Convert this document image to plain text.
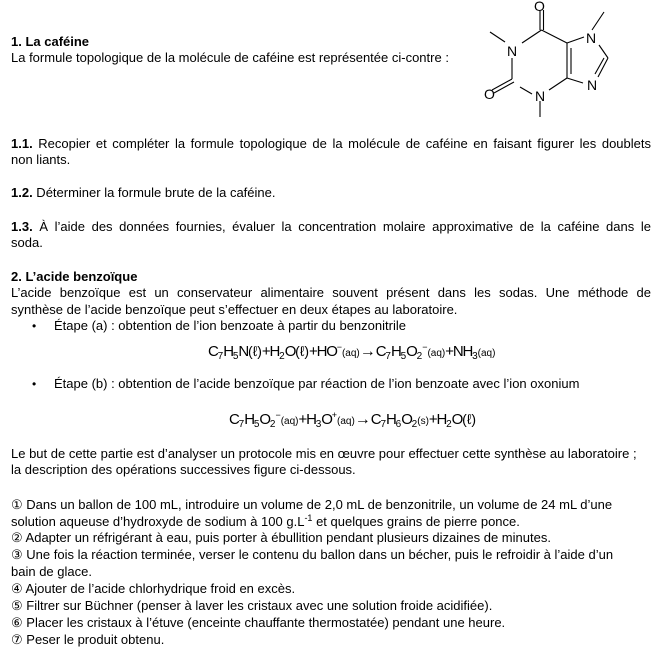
1. La caféine
La formule topologique de la molécule de caféine est représentée ci-contre :
O
N
O	N
N
N
1.1. Recopier et compléter la formule topologique de la molécule de caféine en faisant figurer les doublets
non liants.
1.2. Déterminer la formule brute de la caféine.
1.3. À l’aide des données fournies, évaluer la concentration molaire approximative de la caféine dans le
soda.
2. L’acide benzoïque
L’acide benzoïque est un conservateur alimentaire souvent présent dans les sodas. Une méthode de
synthèse de l’acide benzoïque peut s’effectuer en deux étapes au laboratoire.
• Étape (a) : obtention de l’ion benzoate à partir du benzonitrile
$C_7H_5N(\ell)+H_2O(\ell)+HO^-(aq)\to C_7H_5O_2^-(aq)+NH_3(aq)$
• Étape (b) : obtention de l’acide benzoïque par réaction de l’ion benzoate avec l’ion oxonium
$C_7H_5O_2^-(aq)+H_3O^+(aq)\to C_7H_6O_2(s)+H_2O(\ell)$
Le but de cette partie est d’analyser un protocole mis en œuvre pour effectuer cette synthèse au laboratoire ;
la description des opérations successives figure ci-dessous.
① Dans un ballon de 100 mL, introduire un volume de 2,0 mL de benzonitrile, un volume de 24 mL d’une
solution aqueuse d’hydroxyde de sodium à 100 $g.L^{-1}$ et quelques grains de pierre ponce.
② Adapter un réfrigérant à eau, puis porter à ébullition pendant plusieurs dizaines de minutes.
③ Une fois la réaction terminée, verser le contenu du ballon dans un bécher, puis le refroidir à l’aide d’un
bain de glace.
④ Ajouter de l’acide chlorhydrique froid en excès.
⑤ Filtrer sur Büchner (penser à laver les cristaux avec une solution froide acidifiée).
⑥ Placer les cristaux à l’étuve (enceinte chauffante thermostatée) pendant une heure.
⑦ Peser le produit obtenu.
